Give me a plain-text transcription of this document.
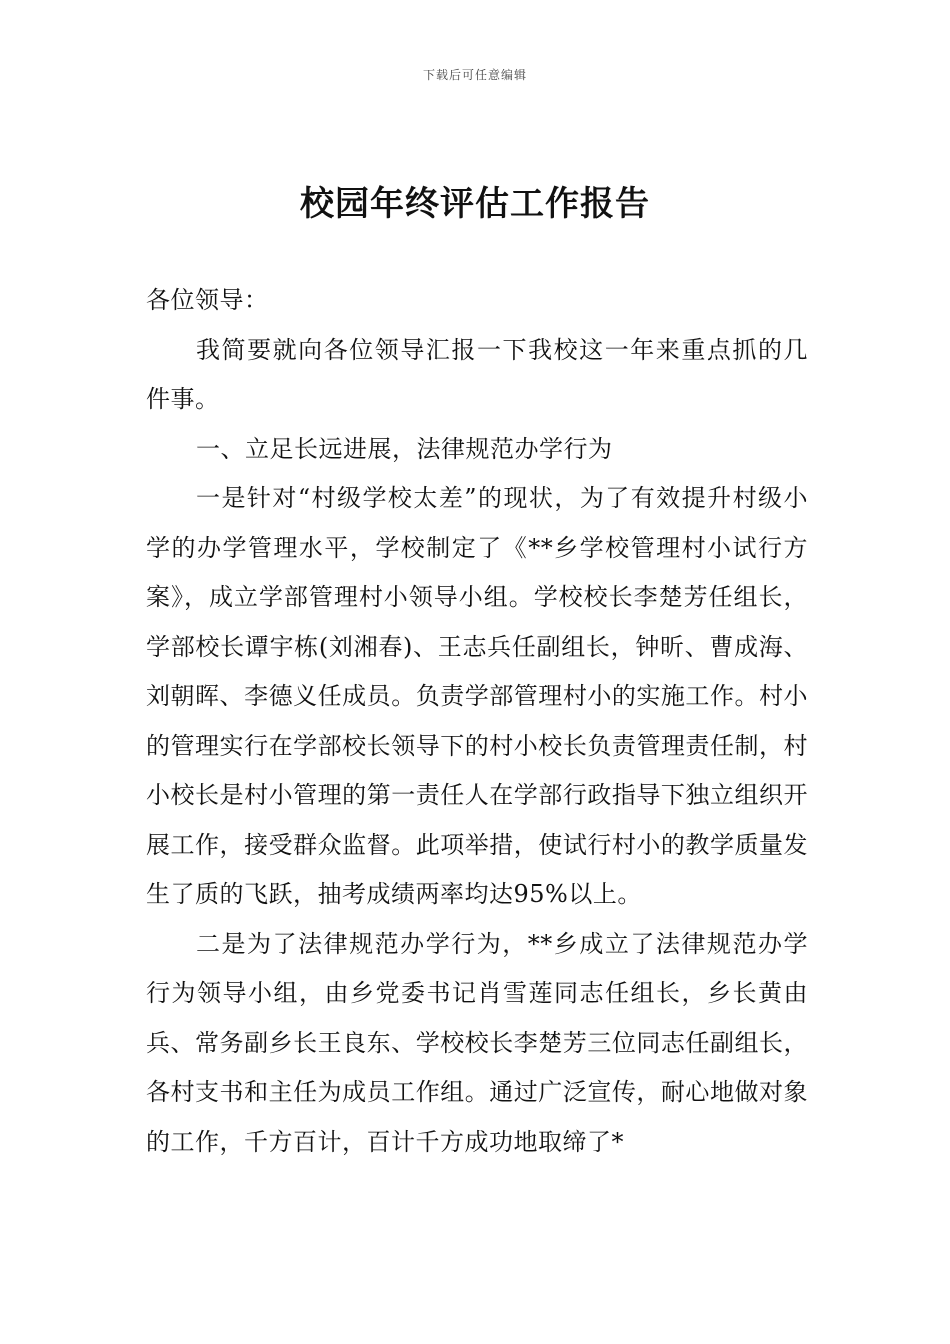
下载后可任意编辑
校园年终评估工作报告

各位领导：

我简要就向各位领导汇报一下我校这一年来重点抓的几件事。

一、立足长远进展，法律规范办学行为

一是针对“村级学校太差”的现状，为了有效提升村级小学的办学管理水平，学校制定了《**乡学校管理村小试行方案》，成立学部管理村小领导小组。学校校长李楚芳任组长，学部校长谭宇栋(刘湘春)、王志兵任副组长，钟昕、曹成海、刘朝晖、李德义任成员。负责学部管理村小的实施工作。村小的管理实行在学部校长领导下的村小校长负责管理责任制，村小校长是村小管理的第一责任人在学部行政指导下独立组织开展工作，接受群众监督。此项举措，使试行村小的教学质量发生了质的飞跃，抽考成绩两率均达95%以上。

二是为了法律规范办学行为，**乡成立了法律规范办学行为领导小组，由乡党委书记肖雪莲同志任组长，乡长黄由兵、常务副乡长王良东、学校校长李楚芳三位同志任副组长，各村支书和主任为成员工作组。通过广泛宣传，耐心地做对象的工作，千方百计，百计千方成功地取缔了*
